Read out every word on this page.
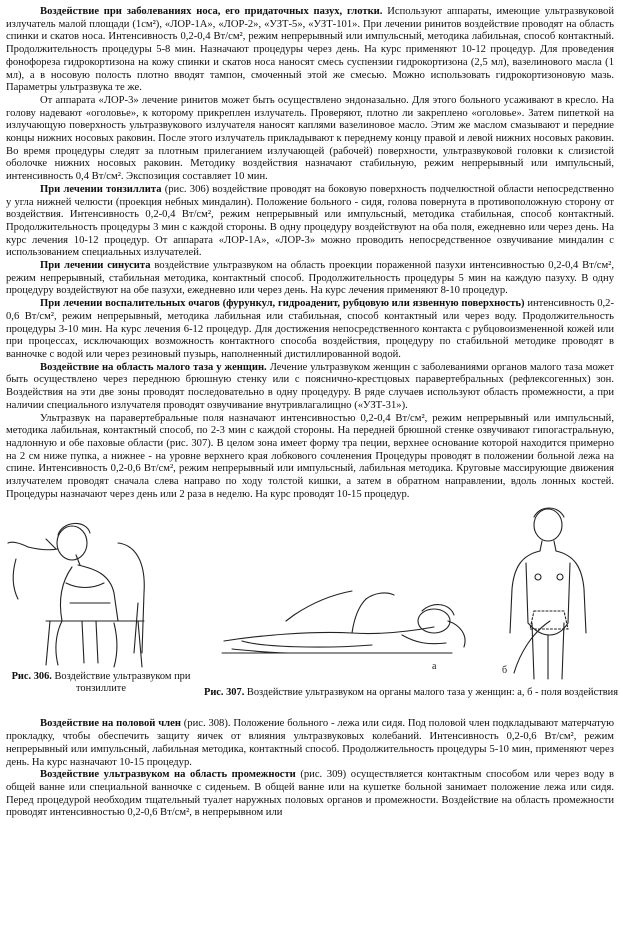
Воздействие при заболеваниях носа, его придаточных пазух, глотки. Используют аппараты, имеющие ультразвуковой излучатель малой площади (1см²), «ЛОР-1А», «ЛОР-2», «УЗТ-5», «УЗТ-101». При лечении ринитов воздействие проводят на область спинки и скатов носа. Интенсивность 0,2-0,4 Вт/см², режим непрерывный или импульсный, методика лабильная, способ контактный. Продолжительность процедуры 5-8 мин. Назначают процедуры через день. На курс применяют 10-12 процедур. Для проведения фонофореза гидрокортизона на кожу спинки и скатов носа наносят смесь суспензии гидрокортизона (2,5 мл), вазелинового масла (1 мл), а в носовую полость плотно вводят тампон, смоченный этой же смесью. Можно использовать гидрокортизоновую мазь. Параметры ультразвука те же.

От аппарата «ЛОР-3» лечение ринитов может быть осуществлено эндоназально. Для этого больного усаживают в кресло. На голову надевают «оголовье», к которому прикреплен излучатель. Проверяют, плотно ли закреплено «оголовье». Затем пипеткой на излучающую поверхность ультразвукового излучателя наносят каплями вазелиновое масло. Этим же маслом смазывают и передние концы нижних носовых раковин. После этого излучатель прикладывают к переднему концу правой и левой нижних носовых раковин. Во время процедуры следят за плотным прилеганием излучающей (рабочей) поверхности, ультразвуковой головки к слизистой оболочке нижних носовых раковин. Методику воздействия назначают стабильную, режим непрерывный или импульсный, интенсивность 0,4 Вт/см². Экспозиция составляет 10 мин.

При лечении тонзиллита (рис. 306) воздействие проводят на боковую поверхность подчелюстной области непосредственно у угла нижней челюсти (проекция небных миндалин). Положение больного - сидя, голова повернута в противоположную сторону от воздействия. Интенсивность 0,2-0,4 Вт/см², режим непрерывный или импульсный, методика стабильная, способ контактный. Продолжительность процедуры 3 мин с каждой стороны. В одну процедуру воздействуют на оба поля, ежедневно или через день. На курс лечения 10-12 процедур. От аппарата «ЛОР-1А», «ЛОР-3» можно проводить непосредственное озвучивание миндалин с использованием специальных излучателей.

При лечении синусита воздействие ультразвуком на область проекции пораженной пазухи интенсивностью 0,2-0,4 Вт/см², режим непрерывный, стабильная методика, контактный способ. Продолжительность процедуры 5 мин на каждую пазуху. В одну процедуру воздействуют на обе пазухи, ежедневно или через день. На курс лечения применяют 8-10 процедур.

При лечении воспалительных очагов (фурункул, гидроаденит, рубцовую или язвенную поверхность) интенсивность 0,2-0,6 Вт/см², режим непрерывный, методика лабильная или стабильная, способ контактный или через воду. Продолжительность процедуры 3-10 мин. На курс лечения 6-12 процедур. Для достижения непосредственного контакта с рубцовоизмененной кожей или при процессах, исключающих возможность контактного способа воздействия, процедуру по стабильной методике проводят в ванночке с водой или через резиновый пузырь, наполненный дистиллированной водой.

Воздействие на область малого таза у женщин. Лечение ультразвуком женщин с заболеваниями органов малого таза может быть осуществлено через переднюю брюшную стенку или с пояснично-крестцовых паравертебральных (рефлексогенных) зон. Воздействия на эти две зоны проводят последовательно в одну процедуру. В ряде случаев используют область промежности, а при наличии специального излучателя проводят озвучивание внутривлагалищно («УЗТ-31»).

Ультразвук на паравертебральные поля назначают интенсивностью 0,2-0,4 Вт/см², режим непрерывный или импульсный, методика лабильная, контактный способ, по 2-3 мин с каждой стороны. На передней брюшной стенке озвучивают гипогастральную, надлонную и обе паховые области (рис. 307). В целом зона имеет форму тра пеции, верхнее основание которой находится примерно на 2 см ниже пупка, а нижнее - на уровне верхнего края лобкового сочленения Процедуры проводят в положении больной лежа на спине. Интенсивность 0,2-0,6 Вт/см², режим непрерывный или импульсный, лабильная методика. Круговые массирующие движения излучателем проводят сначала слева направо по ходу толстой кишки, а затем в обратном направлении, вдоль лонных костей. Процедуры назначают через день или 2 раза в неделю. На курс проводят 10-15 процедур.

Рис. 306. Воздействие ультразвуком при тонзиллите
а	б
Рис. 307. Воздействие ультразвуком на органы малого таза у женщин: а, б - поля воздействия

Воздействие на половой член (рис. 308). Положение больного - лежа или сидя. Под половой член подкладывают матерчатую прокладку, чтобы обеспечить защиту яичек от влияния ультразвуковых колебаний. Интенсивность 0,2-0,6 Вт/см², режим непрерывный или импульсный, лабильная методика, контактный способ. Продолжительность процедуры 5-10 мин, применяют через день. На курс назначают 10-15 процедур.

Воздействие ультразвуком на область промежности (рис. 309) осуществляется контактным способом или через воду в общей ванне или специальной ванночке с сиденьем. В общей ванне или на кушетке больной занимает положение лежа или сидя. Перед процедурой необходим тщательный туалет наружных половых органов и промежности. Воздействие на область промежности проводят интенсивностью 0,2-0,6 Вт/см², в непрерывном или
